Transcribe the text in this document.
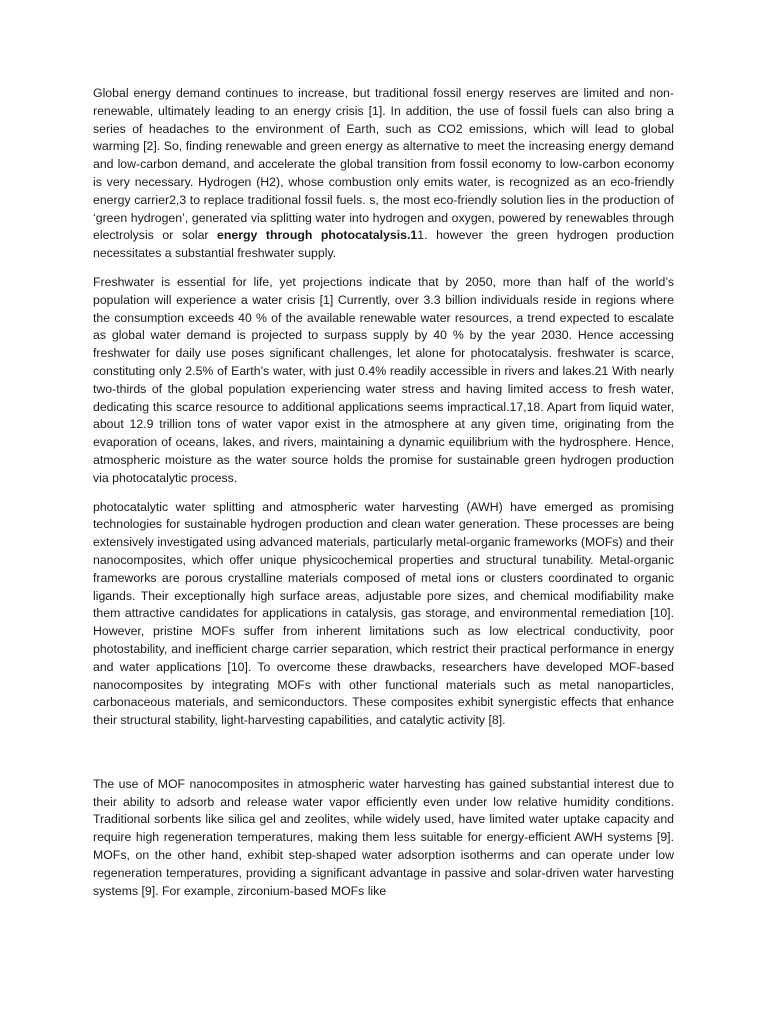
Global energy demand continues to increase, but traditional fossil energy reserves are limited and non-renewable, ultimately leading to an energy crisis [1]. In addition, the use of fossil fuels can also bring a series of headaches to the environment of Earth, such as CO2 emissions, which will lead to global warming [2]. So, finding renewable and green energy as alternative to meet the increasing energy demand and low-carbon demand, and accelerate the global transition from fossil economy to low-carbon economy is very necessary. Hydrogen (H2), whose combustion only emits water, is recognized as an eco-friendly energy carrier2,3 to replace traditional fossil fuels. s, the most eco-friendly solution lies in the production of ‘green hydrogen’, generated via splitting water into hydrogen and oxygen, powered by renewables through electrolysis or solar energy through photocatalysis.11. however the green hydrogen production necessitates a substantial freshwater supply.

Freshwater is essential for life, yet projections indicate that by 2050, more than half of the world’s population will experience a water crisis [1] Currently, over 3.3 billion individuals reside in regions where the consumption exceeds 40 % of the available renewable water resources, a trend expected to escalate as global water demand is projected to surpass supply by 40 % by the year 2030. Hence accessing freshwater for daily use poses significant challenges, let alone for photocatalysis. freshwater is scarce, constituting only 2.5% of Earth’s water, with just 0.4% readily accessible in rivers and lakes.21 With nearly two-thirds of the global population experiencing water stress and having limited access to fresh water, dedicating this scarce resource to additional applications seems impractical.17,18. Apart from liquid water, about 12.9 trillion tons of water vapor exist in the atmosphere at any given time, originating from the evaporation of oceans, lakes, and rivers, maintaining a dynamic equilibrium with the hydrosphere. Hence, atmospheric moisture as the water source holds the promise for sustainable green hydrogen production via photocatalytic process.

photocatalytic water splitting and atmospheric water harvesting (AWH) have emerged as promising technologies for sustainable hydrogen production and clean water generation. These processes are being extensively investigated using advanced materials, particularly metal-organic frameworks (MOFs) and their nanocomposites, which offer unique physicochemical properties and structural tunability. Metal-organic frameworks are porous crystalline materials composed of metal ions or clusters coordinated to organic ligands. Their exceptionally high surface areas, adjustable pore sizes, and chemical modifiability make them attractive candidates for applications in catalysis, gas storage, and environmental remediation [10]. However, pristine MOFs suffer from inherent limitations such as low electrical conductivity, poor photostability, and inefficient charge carrier separation, which restrict their practical performance in energy and water applications [10]. To overcome these drawbacks, researchers have developed MOF-based nanocomposites by integrating MOFs with other functional materials such as metal nanoparticles, carbonaceous materials, and semiconductors. These composites exhibit synergistic effects that enhance their structural stability, light-harvesting capabilities, and catalytic activity [8].

The use of MOF nanocomposites in atmospheric water harvesting has gained substantial interest due to their ability to adsorb and release water vapor efficiently even under low relative humidity conditions. Traditional sorbents like silica gel and zeolites, while widely used, have limited water uptake capacity and require high regeneration temperatures, making them less suitable for energy-efficient AWH systems [9]. MOFs, on the other hand, exhibit step-shaped water adsorption isotherms and can operate under low regeneration temperatures, providing a significant advantage in passive and solar-driven water harvesting systems [9]. For example, zirconium-based MOFs like
